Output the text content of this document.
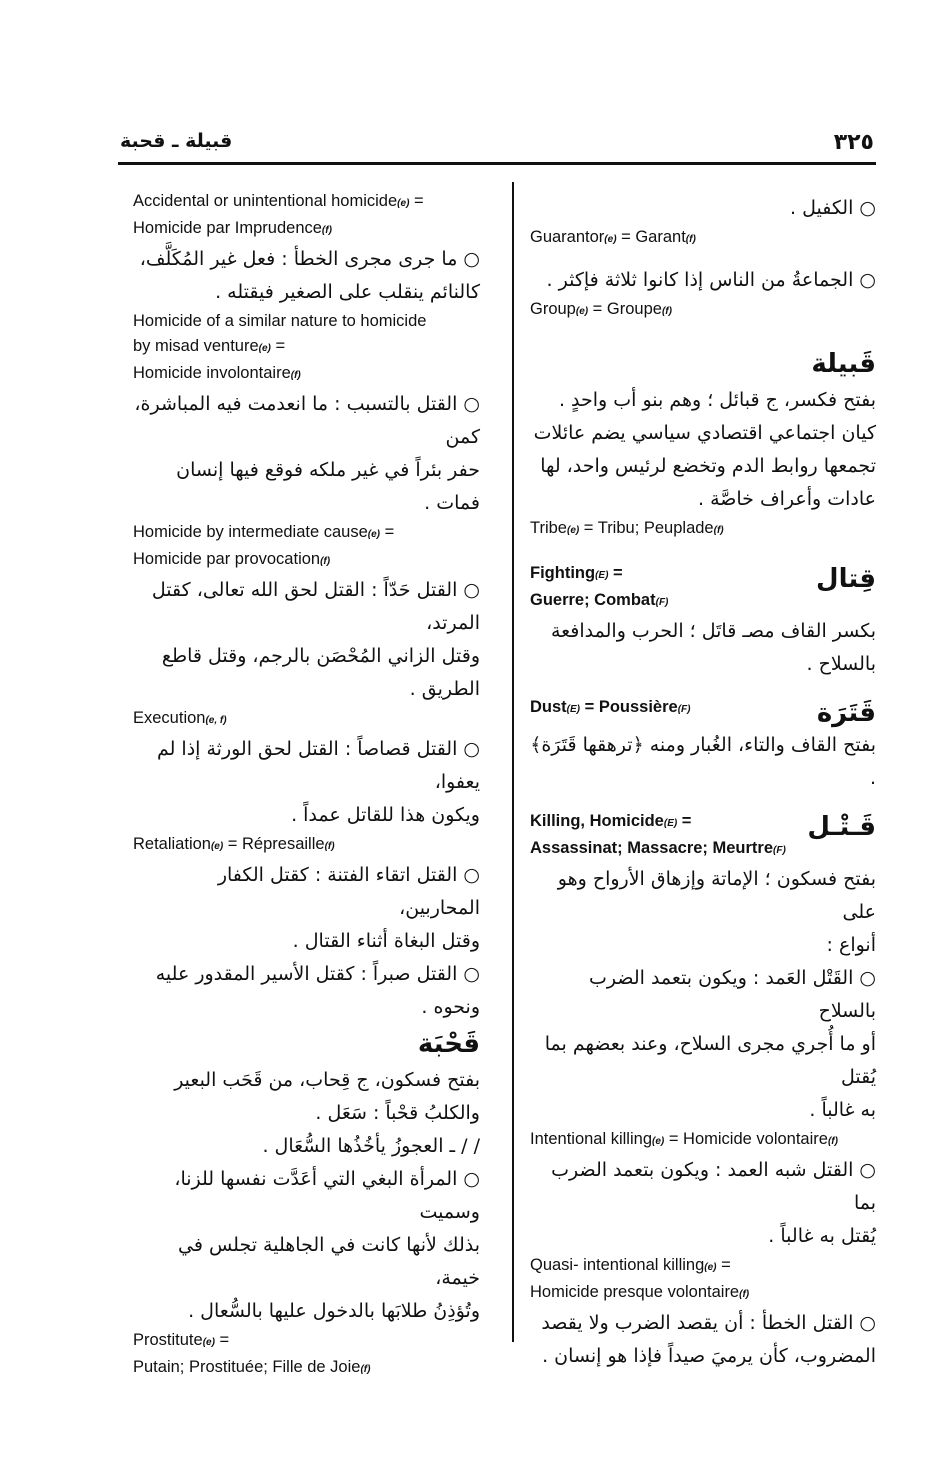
٣٢٥
قبيلة ـ قحبة
○ الكفيل .
Guarantor(e) = Garant(f)
○ الجماعةُ من الناس إذا كانوا ثلاثة فإكثر .
Group(e) = Groupe(f)
قَبيلة
بفتح فكسر، ج قبائل ؛ وهم بنو أب واحدٍ .
كيان اجتماعي اقتصادي سياسي يضم عائلات
تجمعها روابط الدم وتخضع لرئيس واحد، لها
عادات وأعراف خاصَّة .
Tribe(e) = Tribu; Peuplade(f)
قِتال
Fighting(E) =
Guerre; Combat(F)
بكسر القاف مصـ قاتَل ؛ الحرب والمدافعة
بالسلاح .
قَتَرَة
Dust(E) = Poussière(F)
بفتح القاف والتاء، الغُبار ومنه ﴿ترهقها قَتَرَة﴾ .
قَـتْـل
Killing, Homicide(E) =
Assassinat; Massacre; Meurtre(F)
بفتح فسكون ؛ الإماتة وإزهاق الأرواح وهو على
أنواع :
○ القَتْل العَمد : ويكون بتعمد الضرب بالسلاح
أو ما أُجري مجرى السلاح، وعند بعضهم بما يُقتل
به غالباً .
Intentional killing(e) = Homicide volontaire(f)
○ القتل شبه العمد : ويكون بتعمد الضرب بما
يُقتل به غالباً .
Quasi- intentional killing(e) =
Homicide presque volontaire(f)
○ القتل الخطأ : أن يقصد الضرب ولا يقصد
المضروب، كأن يرميَ صيداً فإذا هو إنسان .
Accidental or unintentional homicide(e) =
Homicide par Imprudence(f)
○ ما جرى مجرى الخطأ : فعل غير المُكَلَّف،
كالنائم ينقلب على الصغير فيقتله .
Homicide of a similar nature to homicide
by misad venture(e) =
Homicide involontaire(f)
○ القتل بالتسبب : ما انعدمت فيه المباشرة، كمن
حفر بئراً في غير ملكه فوقع فيها إنسان فمات .
Homicide by intermediate cause(e) =
Homicide par provocation(f)
○ القتل حَدّاً : القتل لحق الله تعالى، كقتل المرتد،
وقتل الزاني المُحْصَن بالرجم، وقتل قاطع
الطريق .
Execution(e, f)
○ القتل قصاصاً : القتل لحق الورثة إذا لم يعفوا،
ويكون هذا للقاتل عمداً .
Retaliation(e) = Répresaille(f)
○ القتل اتقاء الفتنة : كقتل الكفار المحاربين،
وقتل البغاة أثناء القتال .
○ القتل صبراً : كقتل الأسير المقدور عليه ونحوه .
قَحْبَة
بفتح فسكون، ج قِحاب، من قَحَب البعير
والكلبُ قحْباً : سَعَل .
/ / ـ العجوزُ يأخُذُها السُّعَال .
○ المرأة البغي التي أعَدَّت نفسها للزنا، وسميت
بذلك لأنها كانت في الجاهلية تجلس في خيمة،
وتُؤذِنُ طلابَها بالدخول عليها بالسُّعال .
Prostitute(e) =
Putain; Prostituée; Fille de Joie(f)
